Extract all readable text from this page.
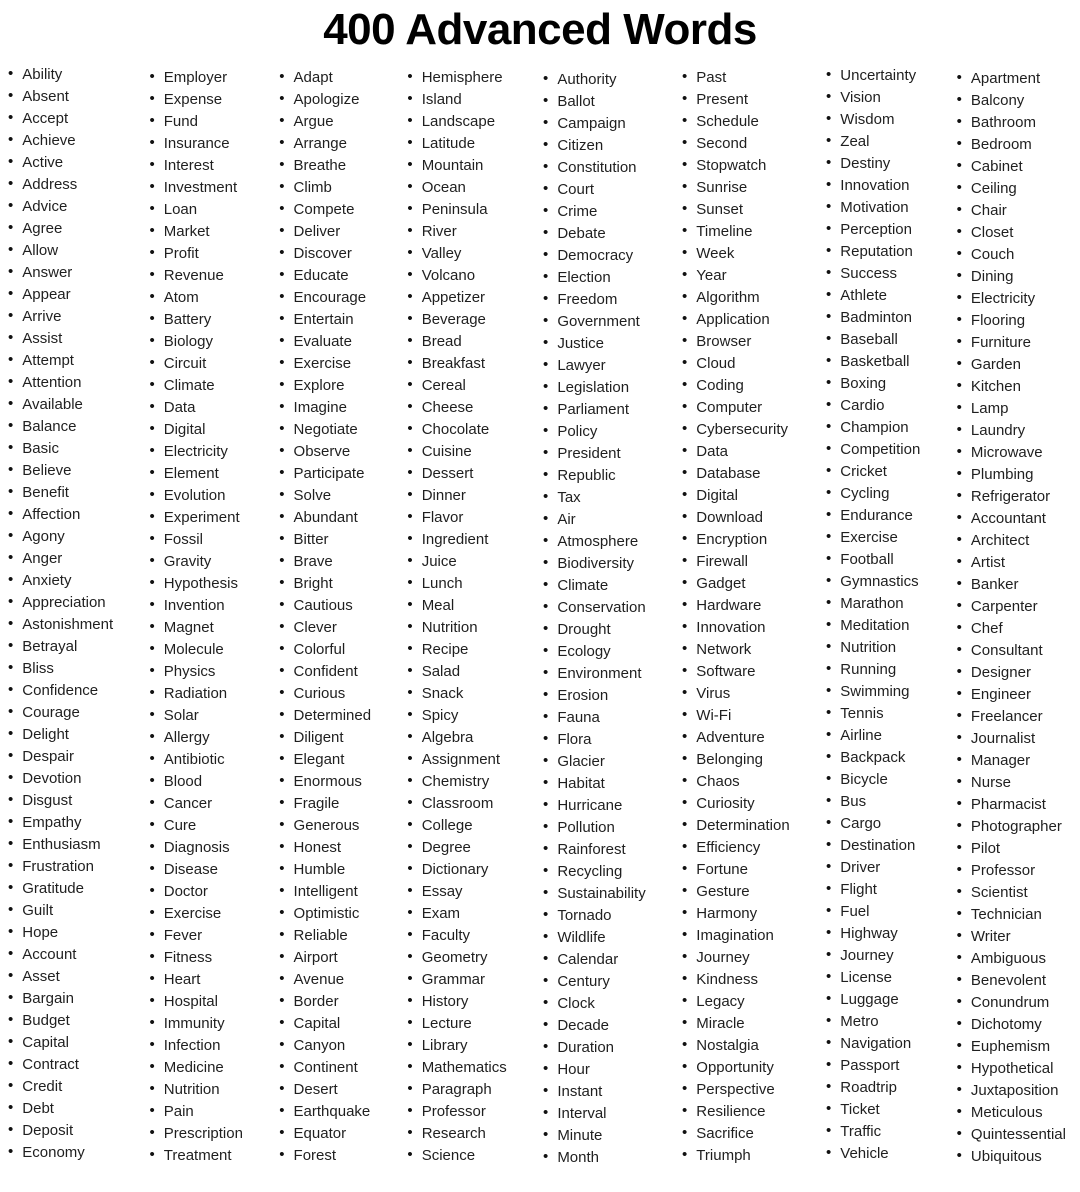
400 Advanced Words
• Ability
• Absent
• Accept
• Achieve
• Active
• Address
• Advice
• Agree
• Allow
• Answer
• Appear
• Arrive
• Assist
• Attempt
• Attention
• Available
• Balance
• Basic
• Believe
• Benefit
• Affection
• Agony
• Anger
• Anxiety
• Appreciation
• Astonishment
• Betrayal
• Bliss
• Confidence
• Courage
• Delight
• Despair
• Devotion
• Disgust
• Empathy
• Enthusiasm
• Frustration
• Gratitude
• Guilt
• Hope
• Account
• Asset
• Bargain
• Budget
• Capital
• Contract
• Credit
• Debt
• Deposit
• Economy
• Employer
• Expense
• Fund
• Insurance
• Interest
• Investment
• Loan
• Market
• Profit
• Revenue
• Atom
• Battery
• Biology
• Circuit
• Climate
• Data
• Digital
• Electricity
• Element
• Evolution
• Experiment
• Fossil
• Gravity
• Hypothesis
• Invention
• Magnet
• Molecule
• Physics
• Radiation
• Solar
• Allergy
• Antibiotic
• Blood
• Cancer
• Cure
• Diagnosis
• Disease
• Doctor
• Exercise
• Fever
• Fitness
• Heart
• Hospital
• Immunity
• Infection
• Medicine
• Nutrition
• Pain
• Prescription
• Treatment
• Adapt
• Apologize
• Argue
• Arrange
• Breathe
• Climb
• Compete
• Deliver
• Discover
• Educate
• Encourage
• Entertain
• Evaluate
• Exercise
• Explore
• Imagine
• Negotiate
• Observe
• Participate
• Solve
• Abundant
• Bitter
• Brave
• Bright
• Cautious
• Clever
• Colorful
• Confident
• Curious
• Determined
• Diligent
• Elegant
• Enormous
• Fragile
• Generous
• Honest
• Humble
• Intelligent
• Optimistic
• Reliable
• Airport
• Avenue
• Border
• Capital
• Canyon
• Continent
• Desert
• Earthquake
• Equator
• Forest
• Hemisphere
• Island
• Landscape
• Latitude
• Mountain
• Ocean
• Peninsula
• River
• Valley
• Volcano
• Appetizer
• Beverage
• Bread
• Breakfast
• Cereal
• Cheese
• Chocolate
• Cuisine
• Dessert
• Dinner
• Flavor
• Ingredient
• Juice
• Lunch
• Meal
• Nutrition
• Recipe
• Salad
• Snack
• Spicy
• Algebra
• Assignment
• Chemistry
• Classroom
• College
• Degree
• Dictionary
• Essay
• Exam
• Faculty
• Geometry
• Grammar
• History
• Lecture
• Library
• Mathematics
• Paragraph
• Professor
• Research
• Science
• Authority
• Ballot
• Campaign
• Citizen
• Constitution
• Court
• Crime
• Debate
• Democracy
• Election
• Freedom
• Government
• Justice
• Lawyer
• Legislation
• Parliament
• Policy
• President
• Republic
• Tax
• Air
• Atmosphere
• Biodiversity
• Climate
• Conservation
• Drought
• Ecology
• Environment
• Erosion
• Fauna
• Flora
• Glacier
• Habitat
• Hurricane
• Pollution
• Rainforest
• Recycling
• Sustainability
• Tornado
• Wildlife
• Calendar
• Century
• Clock
• Decade
• Duration
• Hour
• Instant
• Interval
• Minute
• Month
• Past
• Present
• Schedule
• Second
• Stopwatch
• Sunrise
• Sunset
• Timeline
• Week
• Year
• Algorithm
• Application
• Browser
• Cloud
• Coding
• Computer
• Cybersecurity
• Data
• Database
• Digital
• Download
• Encryption
• Firewall
• Gadget
• Hardware
• Innovation
• Network
• Software
• Virus
• Wi-Fi
• Adventure
• Belonging
• Chaos
• Curiosity
• Determination
• Efficiency
• Fortune
• Gesture
• Harmony
• Imagination
• Journey
• Kindness
• Legacy
• Miracle
• Nostalgia
• Opportunity
• Perspective
• Resilience
• Sacrifice
• Triumph
• Uncertainty
• Vision
• Wisdom
• Zeal
• Destiny
• Innovation
• Motivation
• Perception
• Reputation
• Success
• Athlete
• Badminton
• Baseball
• Basketball
• Boxing
• Cardio
• Champion
• Competition
• Cricket
• Cycling
• Endurance
• Exercise
• Football
• Gymnastics
• Marathon
• Meditation
• Nutrition
• Running
• Swimming
• Tennis
• Airline
• Backpack
• Bicycle
• Bus
• Cargo
• Destination
• Driver
• Flight
• Fuel
• Highway
• Journey
• License
• Luggage
• Metro
• Navigation
• Passport
• Roadtrip
• Ticket
• Traffic
• Vehicle
• Apartment
• Balcony
• Bathroom
• Bedroom
• Cabinet
• Ceiling
• Chair
• Closet
• Couch
• Dining
• Electricity
• Flooring
• Furniture
• Garden
• Kitchen
• Lamp
• Laundry
• Microwave
• Plumbing
• Refrigerator
• Accountant
• Architect
• Artist
• Banker
• Carpenter
• Chef
• Consultant
• Designer
• Engineer
• Freelancer
• Journalist
• Manager
• Nurse
• Pharmacist
• Photographer
• Pilot
• Professor
• Scientist
• Technician
• Writer
• Ambiguous
• Benevolent
• Conundrum
• Dichotomy
• Euphemism
• Hypothetical
• Juxtaposition
• Meticulous
• Quintessential
• Ubiquitous
